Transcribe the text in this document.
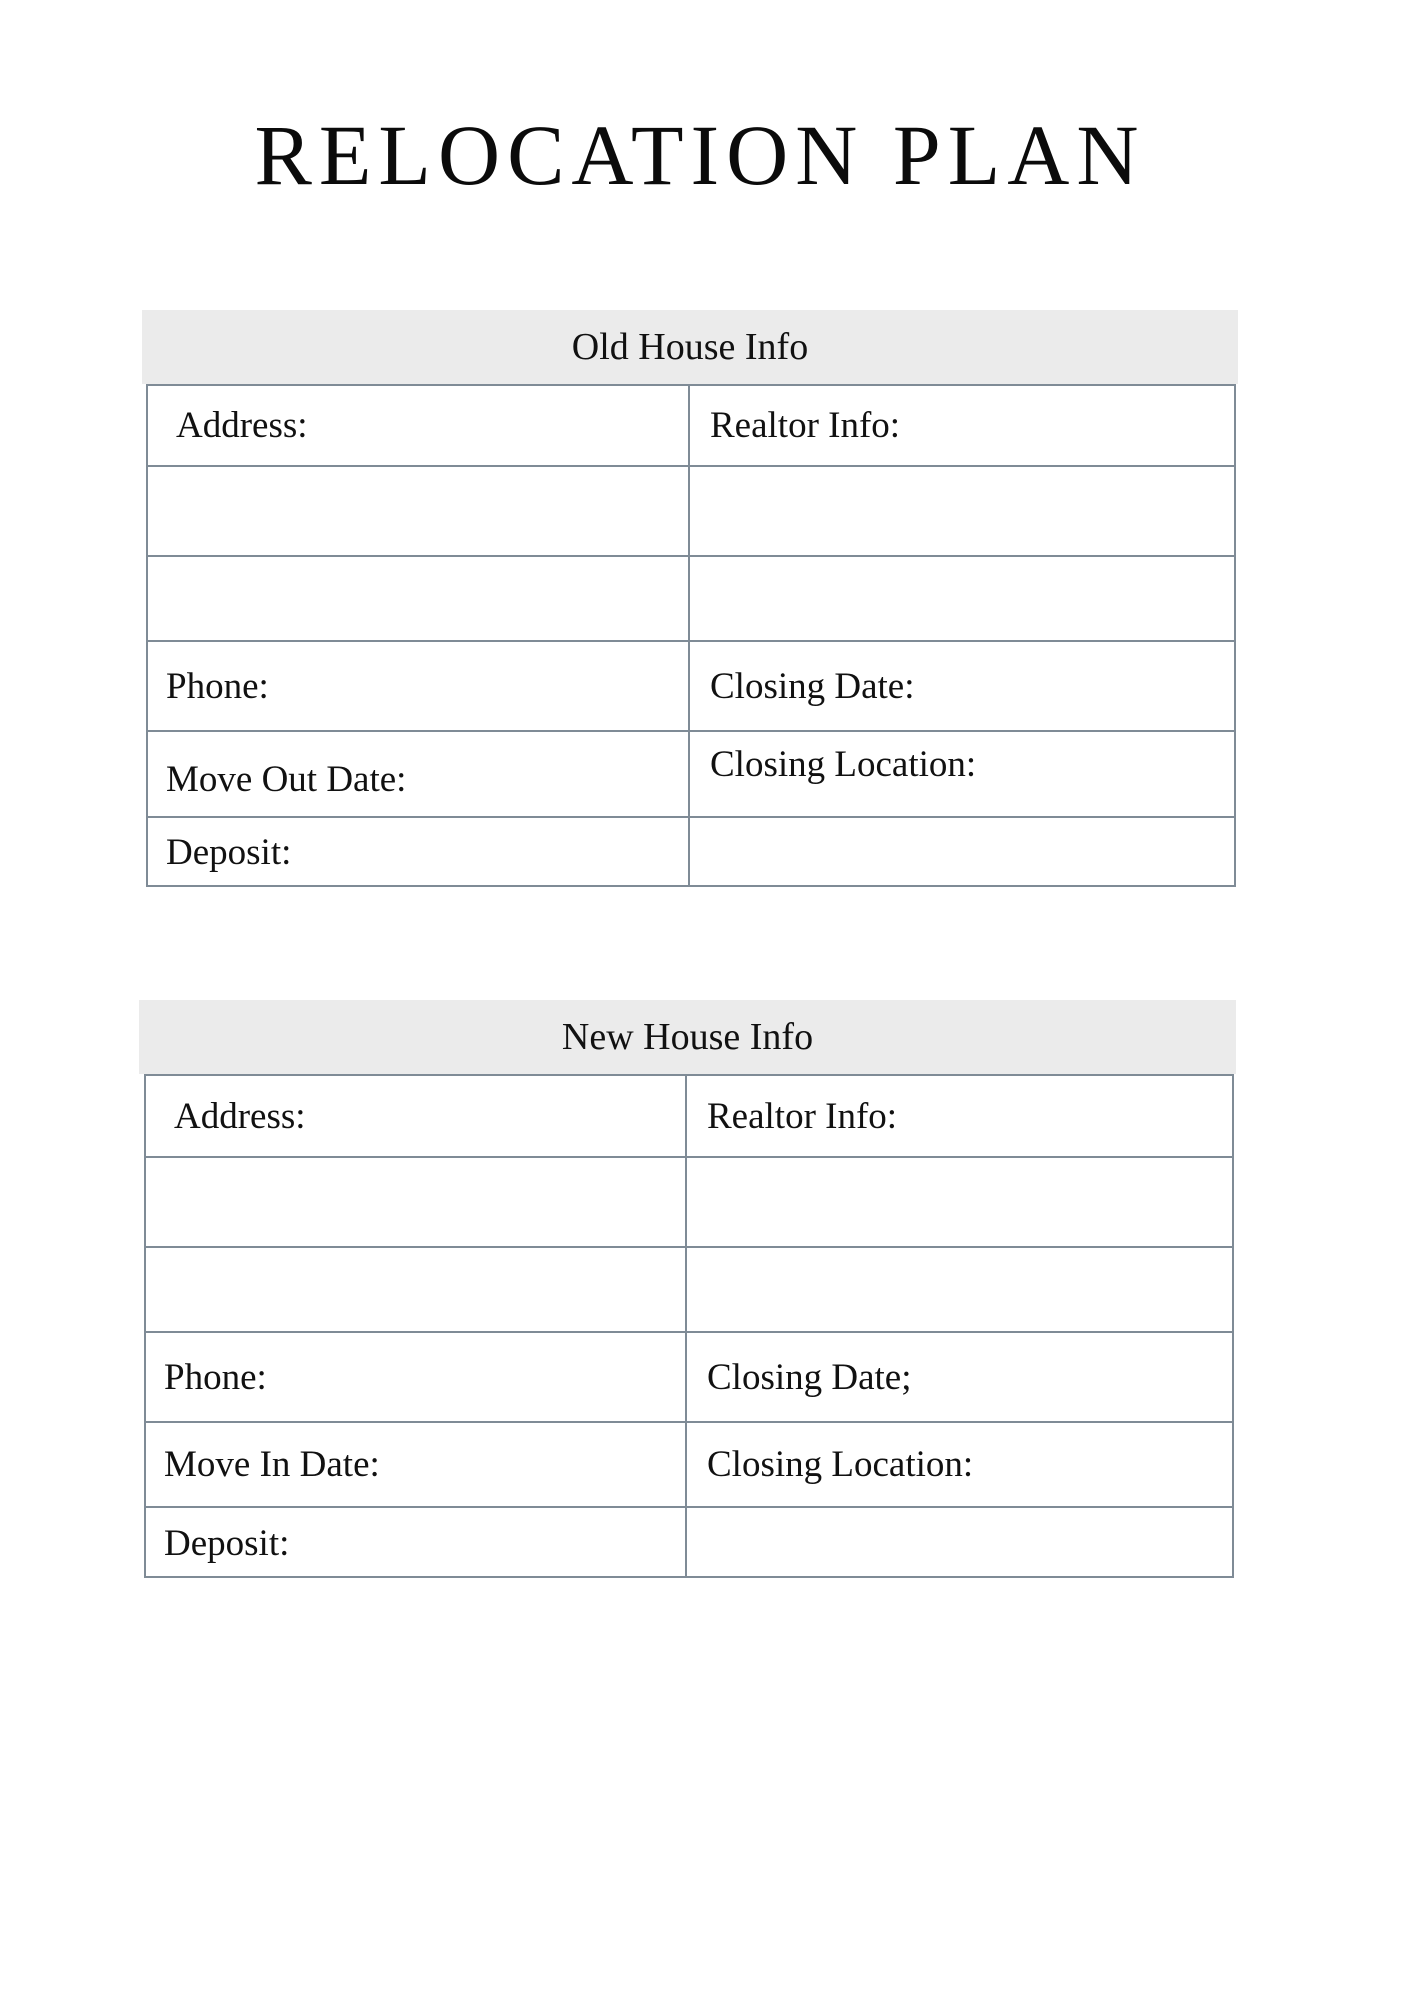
RELOCATION PLAN
Old House Info
Address:	Realtor Info:
Phone:	Closing Date:
Move Out Date:	Closing Location:
Deposit:
New House Info
Address:	Realtor Info:
Phone:	Closing Date;
Move In Date:	Closing Location:
Deposit:
